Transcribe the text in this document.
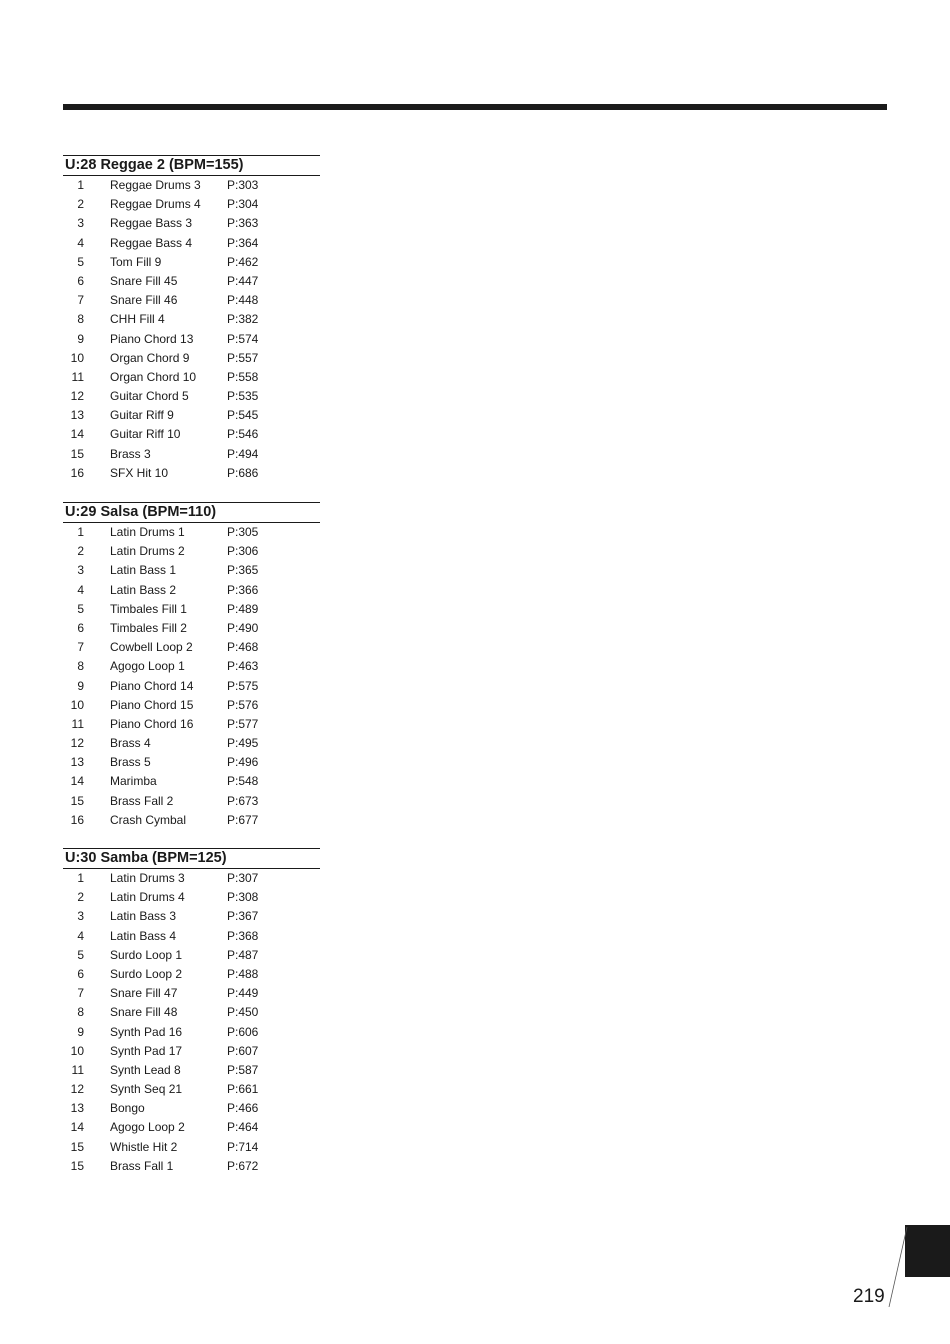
U:28 Reggae 2 (BPM=155)
1 Reggae Drums 3 P:303
2 Reggae Drums 4 P:304
3 Reggae Bass 3	P:363
4 Reggae Bass 4	P:364
5 Tom Fill 9	P:462
6 Snare Fill 45	P:447
7 Snare Fill 46	P:448
8 CHH Fill 4	P:382
9 Piano Chord 13	P:574
10 Organ Chord 9	P:557
11 Organ Chord 10	P:558
12 Guitar Chord 5	P:535
13 Guitar Riff 9	P:545
14 Guitar Riff 10	P:546
15 Brass 3	P:494
16 SFX Hit 10	P:686
U:29 Salsa (BPM=110)
1 Latin Drums 1	P:305
2 Latin Drums 2	P:306
3 Latin Bass 1	P:365
4 Latin Bass 2	P:366
5 Timbales Fill 1	P:489
6 Timbales Fill 2	P:490
7 Cowbell Loop 2	P:468
8 Agogo Loop 1	P:463
9 Piano Chord 14	P:575
10 Piano Chord 15	P:576
11 Piano Chord 16	P:577
12 Brass 4	P:495
13 Brass 5	P:496
14 Marimba	P:548
15 Brass Fall 2	P:673
16 Crash Cymbal	P:677
U:30 Samba (BPM=125)
1 Latin Drums 3	P:307
2 Latin Drums 4	P:308
3 Latin Bass 3	P:367
4 Latin Bass 4	P:368
5 Surdo Loop 1	P:487
6 Surdo Loop 2	P:488
7 Snare Fill 47	P:449
8 Snare Fill 48	P:450
9 Synth Pad 16	P:606
10 Synth Pad 17	P:607
11 Synth Lead 8	P:587
12 Synth Seq 21	P:661
13 Bongo	P:466
14 Agogo Loop 2	P:464
15 Whistle Hit 2	P:714
15 Brass Fall 1	P:672
219
